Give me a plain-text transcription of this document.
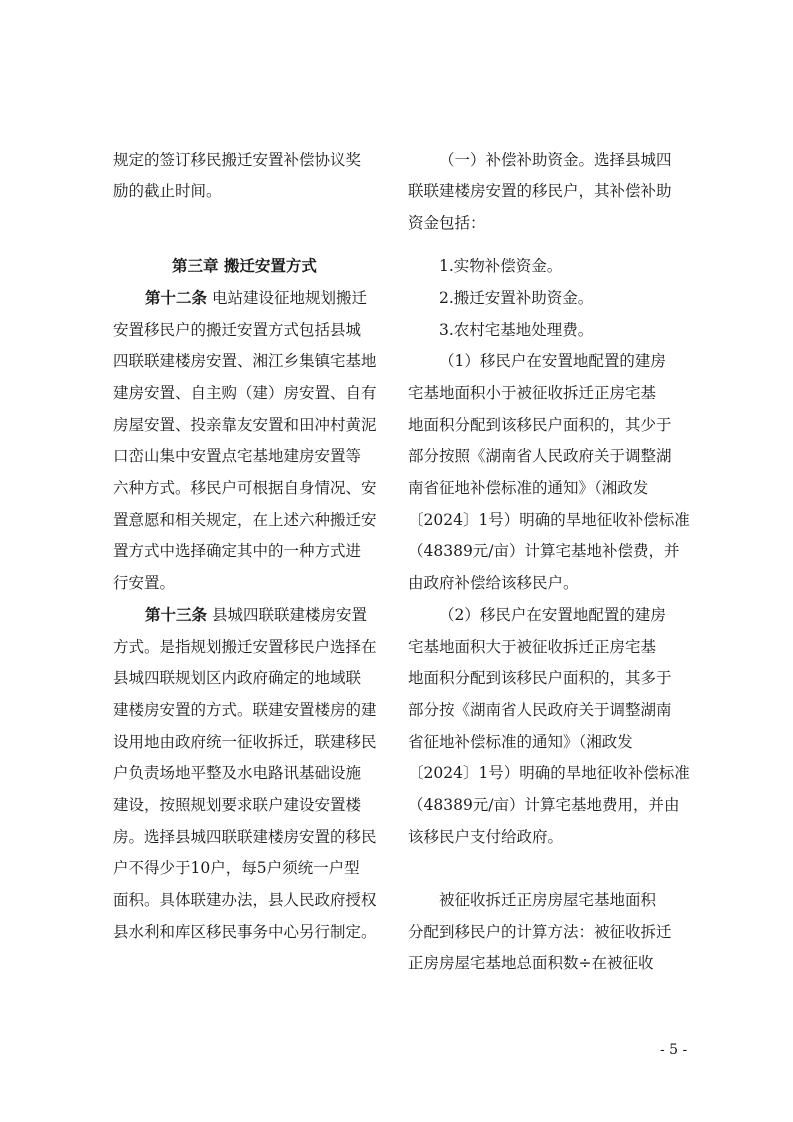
规定的签订移民搬迁安置补偿协议奖
励的截止时间。
第三章 搬迁安置方式
第十二条 电站建设征地规划搬迁
安置移民户的搬迁安置方式包括县城
四联联建楼房安置、湘江乡集镇宅基地
建房安置、自主购（建）房安置、自有
房屋安置、投亲靠友安置和田冲村黄泥
口峦山集中安置点宅基地建房安置等
六种方式。移民户可根据自身情况、安
置意愿和相关规定，在上述六种搬迁安
置方式中选择确定其中的一种方式进
行安置。
第十三条 县城四联联建楼房安置
方式。是指规划搬迁安置移民户选择在
县城四联规划区内政府确定的地域联
建楼房安置的方式。联建安置楼房的建
设用地由政府统一征收拆迁，联建移民
户负责场地平整及水电路讯基础设施
建设，按照规划要求联户建设安置楼
房。选择县城四联联建楼房安置的移民
户不得少于10户，每5户须统一户型
面积。具体联建办法，县人民政府授权
县水利和库区移民事务中心另行制定。
（一）补偿补助资金。选择县城四
联联建楼房安置的移民户，其补偿补助
资金包括：
1.实物补偿资金。
2.搬迁安置补助资金。
3.农村宅基地处理费。
（1）移民户在安置地配置的建房
宅基地面积小于被征收拆迁正房宅基
地面积分配到该移民户面积的，其少于
部分按照《湖南省人民政府关于调整湖
南省征地补偿标准的通知》（湘政发
〔2024〕1号）明确的旱地征收补偿标准
（48389元/亩）计算宅基地补偿费，并
由政府补偿给该移民户。
（2）移民户在安置地配置的建房
宅基地面积大于被征收拆迁正房宅基
地面积分配到该移民户面积的，其多于
部分按《湖南省人民政府关于调整湖南
省征地补偿标准的通知》（湘政发
〔2024〕1号）明确的旱地征收补偿标准
（48389元/亩）计算宅基地费用，并由
该移民户支付给政府。
被征收拆迁正房房屋宅基地面积
分配到移民户的计算方法：被征收拆迁
正房房屋宅基地总面积数÷在被征收
- 5 -
